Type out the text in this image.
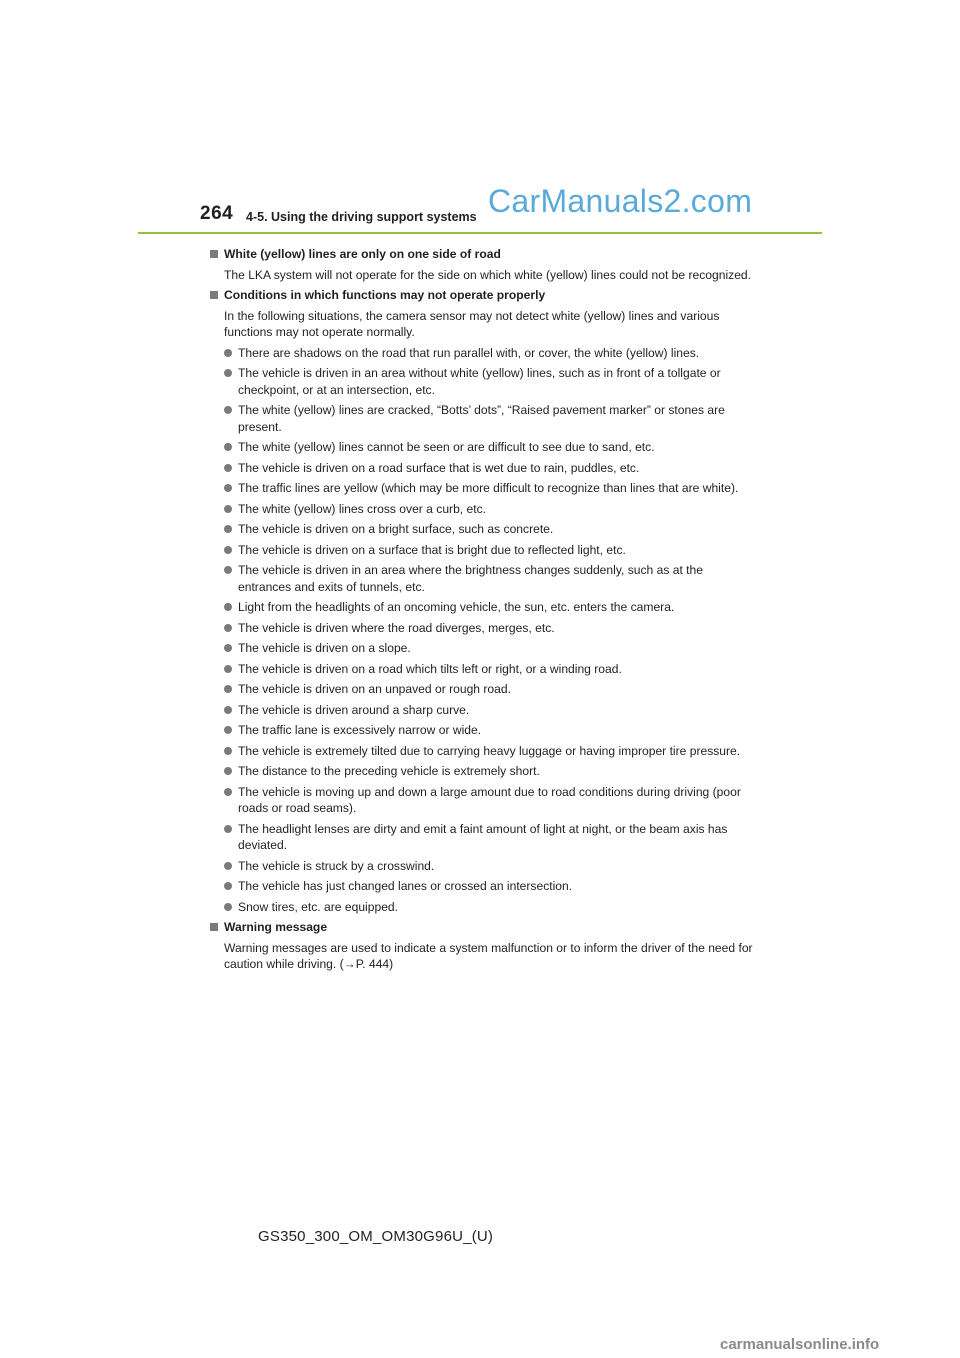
264 4-5. Using the driving support systems CarManuals2.com
White (yellow) lines are only on one side of road
The LKA system will not operate for the side on which white (yellow) lines could not be recognized.
Conditions in which functions may not operate properly
In the following situations, the camera sensor may not detect white (yellow) lines and various functions may not operate normally.
There are shadows on the road that run parallel with, or cover, the white (yellow) lines.
The vehicle is driven in an area without white (yellow) lines, such as in front of a tollgate or checkpoint, or at an intersection, etc.
The white (yellow) lines are cracked, “Botts’ dots”, “Raised pavement marker” or stones are present.
The white (yellow) lines cannot be seen or are difficult to see due to sand, etc.
The vehicle is driven on a road surface that is wet due to rain, puddles, etc.
The traffic lines are yellow (which may be more difficult to recognize than lines that are white).
The white (yellow) lines cross over a curb, etc.
The vehicle is driven on a bright surface, such as concrete.
The vehicle is driven on a surface that is bright due to reflected light, etc.
The vehicle is driven in an area where the brightness changes suddenly, such as at the entrances and exits of tunnels, etc.
Light from the headlights of an oncoming vehicle, the sun, etc. enters the camera.
The vehicle is driven where the road diverges, merges, etc.
The vehicle is driven on a slope.
The vehicle is driven on a road which tilts left or right, or a winding road.
The vehicle is driven on an unpaved or rough road.
The vehicle is driven around a sharp curve.
The traffic lane is excessively narrow or wide.
The vehicle is extremely tilted due to carrying heavy luggage or having improper tire pressure.
The distance to the preceding vehicle is extremely short.
The vehicle is moving up and down a large amount due to road conditions during driving (poor roads or road seams).
The headlight lenses are dirty and emit a faint amount of light at night, or the beam axis has deviated.
The vehicle is struck by a crosswind.
The vehicle has just changed lanes or crossed an intersection.
Snow tires, etc. are equipped.
Warning message
Warning messages are used to indicate a system malfunction or to inform the driver of the need for caution while driving. (→P. 444)
GS350_300_OM_OM30G96U_(U)
carmanualsonline.info
